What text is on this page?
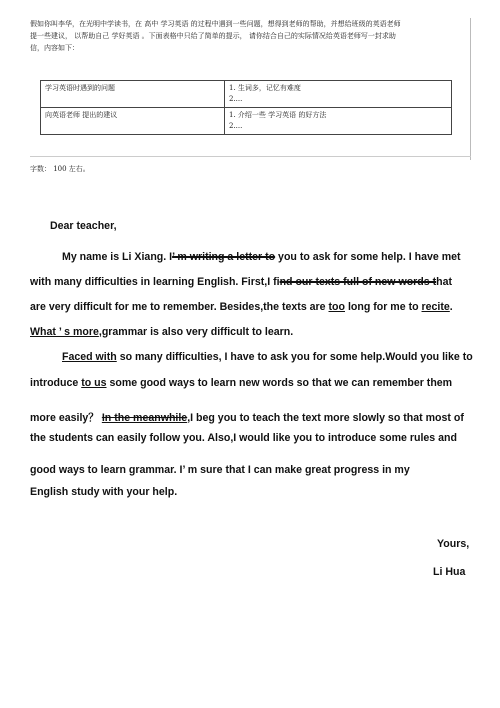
假如你叫李华，在光明中学读书，在 高中 学习英语 的过程中遇到一些问题，想得到老师的帮助，并想给班级的英语老师
提一些建议， 以帮助自己 学好英语 。下面表格中只给了简单的提示， 请你结合自己的实际情况给英语老师写一封求助
信，内容如下：
学习英语时遇到的问题	1. 生词多，记忆有难度
2....

向英语老师 提出的建议	1. 介绍一些 学习英语 的好方法
2....
字数： 100 左右。
Dear teacher,
My name is Li Xiang. I’ m writing a letter to you to ask for some help. I have met
with many difficulties in learning English. First,I find our texts full of new words that
are very difficult for me to remember. Besides,the texts are too long for me to recite.
What ’ s more,grammar is also very difficult to learn.
Faced with so many difficulties, I have to ask you for some help.Would you like to
introduce to us some good ways to learn new words so that we can remember them
more easily？ In the meanwhile,I beg you to teach the text more slowly so that most of
the students can easily follow you. Also,I would like you to introduce some rules and
good ways to learn grammar. I’ m sure that I can make great progress in my
English study with your help.
Yours,
Li Hua
